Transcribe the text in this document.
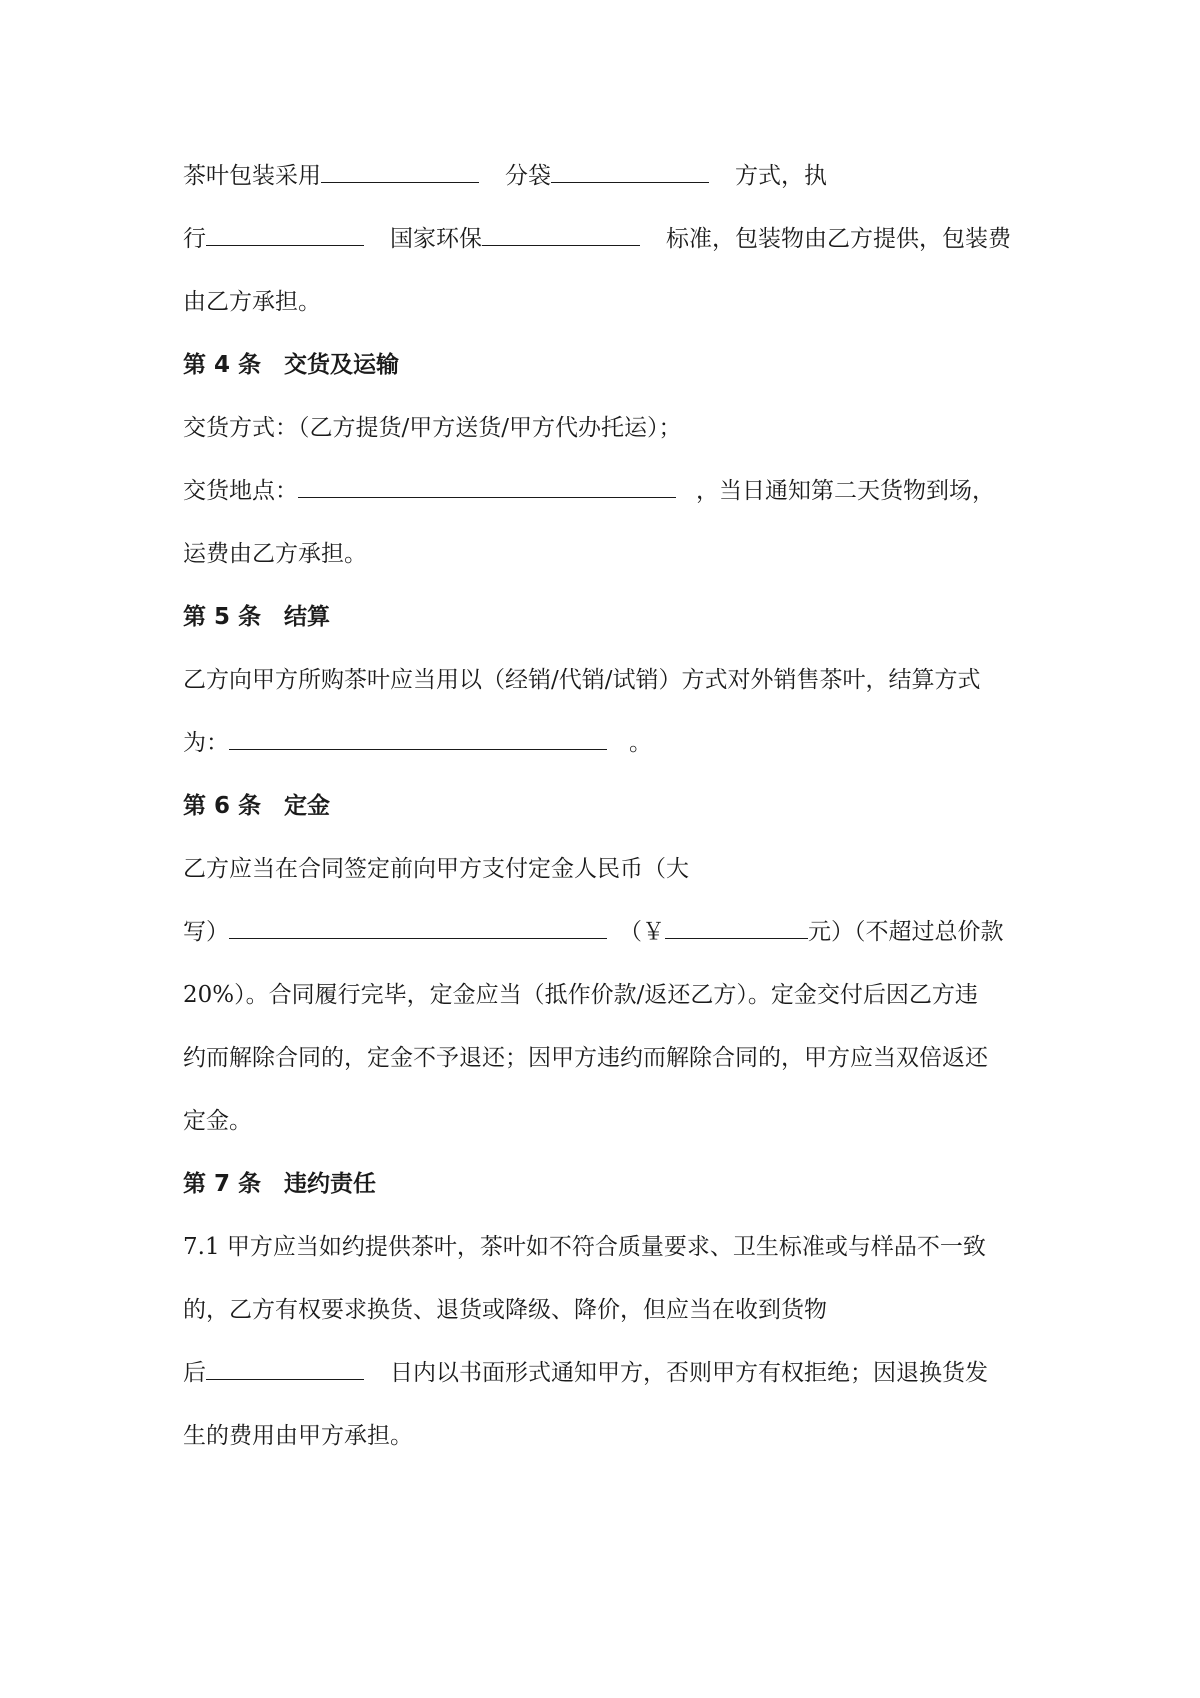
茶叶包装采用	分袋	方式，执
行	国家环保	标准，包装物由乙方提供，包装费
由乙方承担。
第 4 条　交货及运输
交货方式：（乙方提货/甲方送货/甲方代办托运）；
交货地点：	，当日通知第二天货物到场，
运费由乙方承担。
第 5 条　结算
乙方向甲方所购茶叶应当用以（经销/代销/试销）方式对外销售茶叶，结算方式
为：	。
第 6 条　定金
乙方应当在合同签定前向甲方支付定金人民币（大
写）	（￥	元）（不超过总价款
20%）。合同履行完毕，定金应当（抵作价款/返还乙方）。定金交付后因乙方违
约而解除合同的，定金不予退还；因甲方违约而解除合同的，甲方应当双倍返还
定金。
第 7 条　违约责任
7.1 甲方应当如约提供茶叶，茶叶如不符合质量要求、卫生标准或与样品不一致
的，乙方有权要求换货、退货或降级、降价，但应当在收到货物
后	日内以书面形式通知甲方，否则甲方有权拒绝；因退换货发
生的费用由甲方承担。
